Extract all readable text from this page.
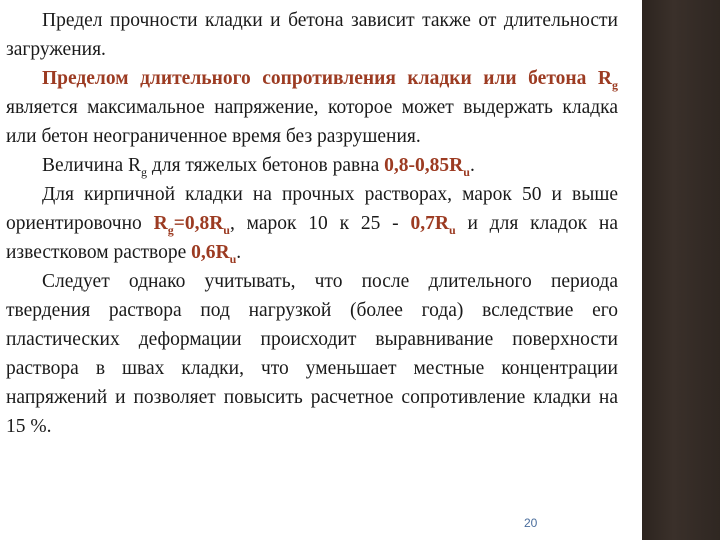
Предел прочности кладки и бетона зависит также от длительности
загружения.
Пределом длительного сопротивления кладки или бетона $R_g$
является максимальное напряжение, которое может выдержать кладка
или бетон неограниченное время без разрушения.
Величина $R_g$ для тяжелых бетонов равна $0,8-0,85R_u$.
Для кирпичной кладки на прочных растворах, марок 50 и выше
ориентировочно $R_g=0,8R_u$, марок 10 к $25 - 0,7R_u$ и для кладок на
известковом растворе $0,6R_u$.
Следует однако учитывать, что после длительного периода
твердения раствора под нагрузкой (более года) вследствие его
пластических деформации происходит выравнивание поверхности
раствора в швах кладки, что уменьшает местные концентрации
напряжений и позволяет повысить расчетное сопротивление кладки на
15 %.
20
